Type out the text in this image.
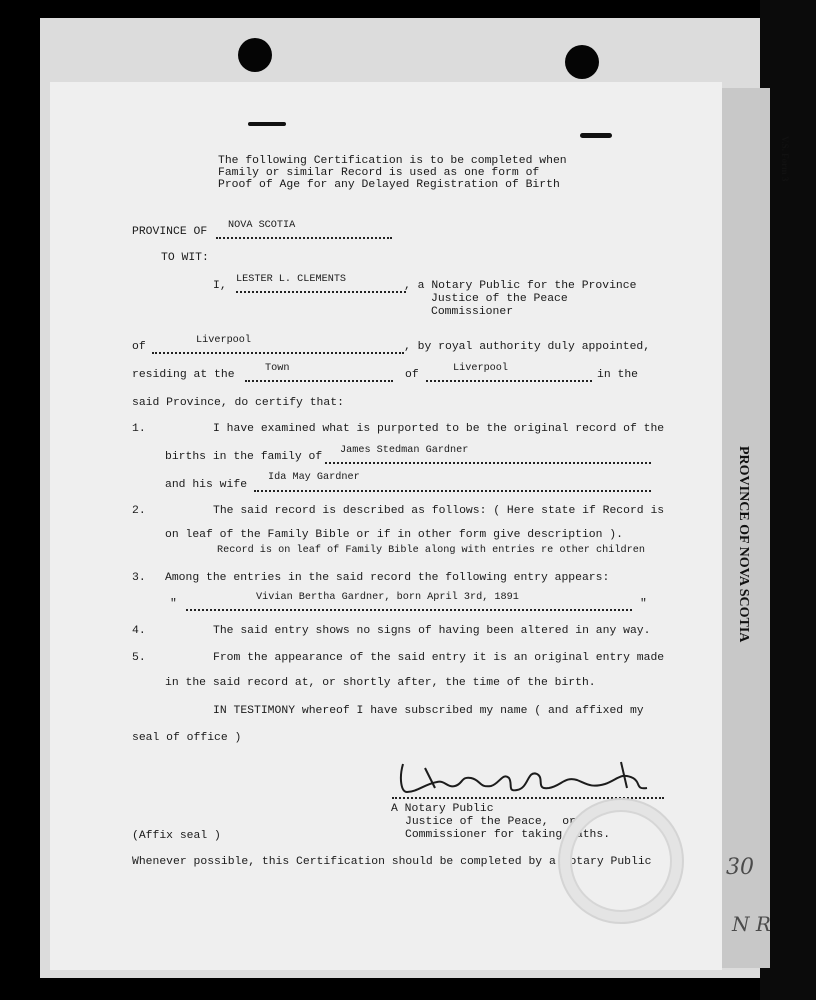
V.S. Form 3
PROVINCE OF NOVA SCOTIA
The following Certification is to be completed when
Family or similar Record is used as one form of
Proof of Age for any Delayed Registration of Birth
PROVINCE OF
NOVA SCOTIA
TO WIT:
I,
LESTER L. CLEMENTS
, a Notary Public for the Province
Justice of the Peace
Commissioner
of
Liverpool
, by royal authority duly appointed,
residing at the
Town
of
Liverpool
in the
said Province, do certify that:
1.	I have examined what is purported to be the original record of the
births in the family of
James Stedman Gardner
and his wife
Ida May Gardner
2.	The said record is described as follows: ( Here state if Record is
on leaf of the Family Bible or if in other form give description ).
Record is on leaf of Family Bible along with entries re other children
3. Among the entries in the said record the following entry appears:
"
Vivian Bertha Gardner, born April 3rd, 1891
"
4.	The said entry shows no signs of having been altered in any way.
5.	From the appearance of the said entry it is an original entry made
in the said record at, or shortly after, the time of the birth.
IN TESTIMONY whereof I have subscribed my name ( and affixed my
seal of office )
A Notary Public
Justice of the Peace,  or
Commissioner for taking oaths.
(Affix seal )
Whenever possible, this Certification should be completed by a Notary Public	30
N R
